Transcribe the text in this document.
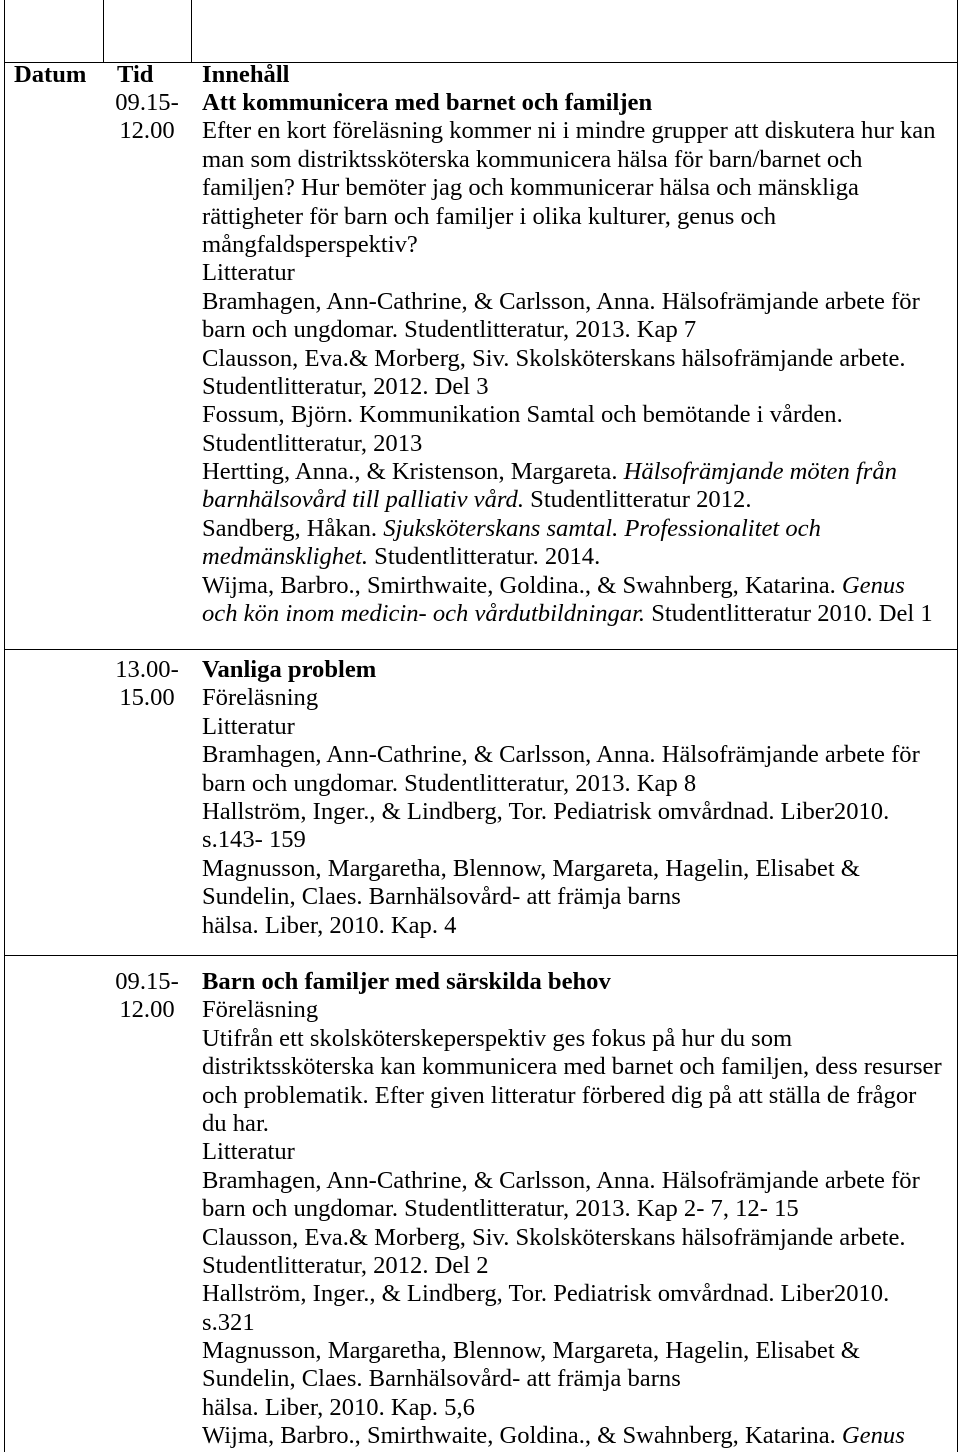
Datum Tid Innehåll
09.15-
12.00
Att kommunicera med barnet och familjen
Efter en kort föreläsning kommer ni i mindre grupper att diskutera hur kan
man som distriktssköterska kommunicera hälsa för barn/barnet och
familjen? Hur bemöter jag och kommunicerar hälsa och mänskliga
rättigheter för barn och familjer i olika kulturer, genus och
mångfaldsperspektiv?
Litteratur
Bramhagen, Ann-Cathrine, & Carlsson, Anna. Hälsofrämjande arbete för
barn och ungdomar. Studentlitteratur, 2013. Kap 7
Clausson, Eva.& Morberg, Siv. Skolsköterskans hälsofrämjande arbete.
Studentlitteratur, 2012. Del 3
Fossum, Björn. Kommunikation Samtal och bemötande i vården.
Studentlitteratur, 2013
Hertting, Anna., & Kristenson, Margareta. Hälsofrämjande möten från
barnhälsovård till palliativ vård. Studentlitteratur 2012.
Sandberg, Håkan. Sjuksköterskans samtal. Professionalitet och
medmänsklighet. Studentlitteratur. 2014.
Wijma, Barbro., Smirthwaite, Goldina., & Swahnberg, Katarina. Genus
och kön inom medicin- och vårdutbildningar. Studentlitteratur 2010. Del 1
13.00-
15.00
Vanliga problem
Föreläsning
Litteratur
Bramhagen, Ann-Cathrine, & Carlsson, Anna. Hälsofrämjande arbete för
barn och ungdomar. Studentlitteratur, 2013. Kap 8
Hallström, Inger., & Lindberg, Tor. Pediatrisk omvårdnad. Liber2010.
s.143- 159
Magnusson, Margaretha, Blennow, Margareta, Hagelin, Elisabet &
Sundelin, Claes. Barnhälsovård- att främja barns
hälsa. Liber, 2010. Kap. 4
09.15-
12.00
Barn och familjer med särskilda behov
Föreläsning
Utifrån ett skolsköterskeperspektiv ges fokus på hur du som
distriktssköterska kan kommunicera med barnet och familjen, dess resurser
och problematik. Efter given litteratur förbered dig på att ställa de frågor
du har.
Litteratur
Bramhagen, Ann-Cathrine, & Carlsson, Anna. Hälsofrämjande arbete för
barn och ungdomar. Studentlitteratur, 2013. Kap 2- 7, 12- 15
Clausson, Eva.& Morberg, Siv. Skolsköterskans hälsofrämjande arbete.
Studentlitteratur, 2012. Del 2
Hallström, Inger., & Lindberg, Tor. Pediatrisk omvårdnad. Liber2010.
s.321
Magnusson, Margaretha, Blennow, Margareta, Hagelin, Elisabet &
Sundelin, Claes. Barnhälsovård- att främja barns
hälsa. Liber, 2010. Kap. 5,6
Wijma, Barbro., Smirthwaite, Goldina., & Swahnberg, Katarina. Genus
